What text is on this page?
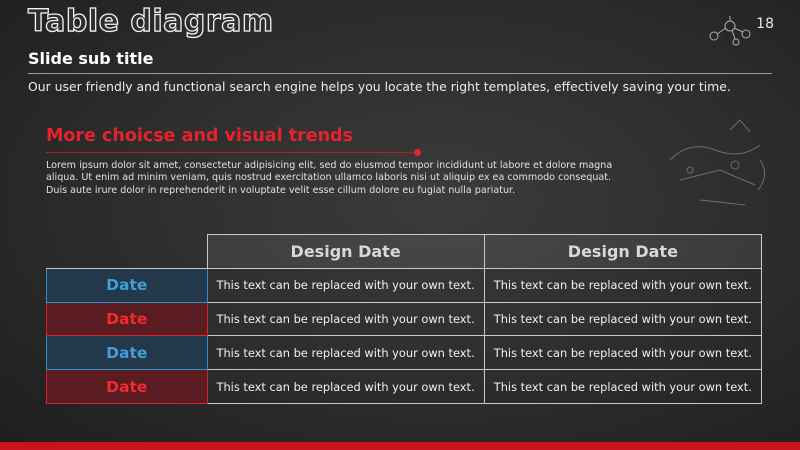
Table diagram	18
Slide sub title
Our user friendly and functional search engine helps you locate the right templates, effectively saving your time.
More choicse and visual trends
Lorem ipsum dolor sit amet, consectetur adipisicing elit, sed do eiusmod tempor incididunt ut labore et dolore magna aliqua. Ut enim ad minim veniam, quis nostrud exercitation ullamco laboris nisi ut aliquip ex ea commodo consequat. Duis aute irure dolor in reprehenderit in voluptate velit esse cillum dolore eu fugiat nulla pariatur.
	Design Date	Design Date
Date	This text can be replaced with your own text.	This text can be replaced with your own text.
Date	This text can be replaced with your own text.	This text can be replaced with your own text.
Date	This text can be replaced with your own text.	This text can be replaced with your own text.
Date	This text can be replaced with your own text.	This text can be replaced with your own text.
